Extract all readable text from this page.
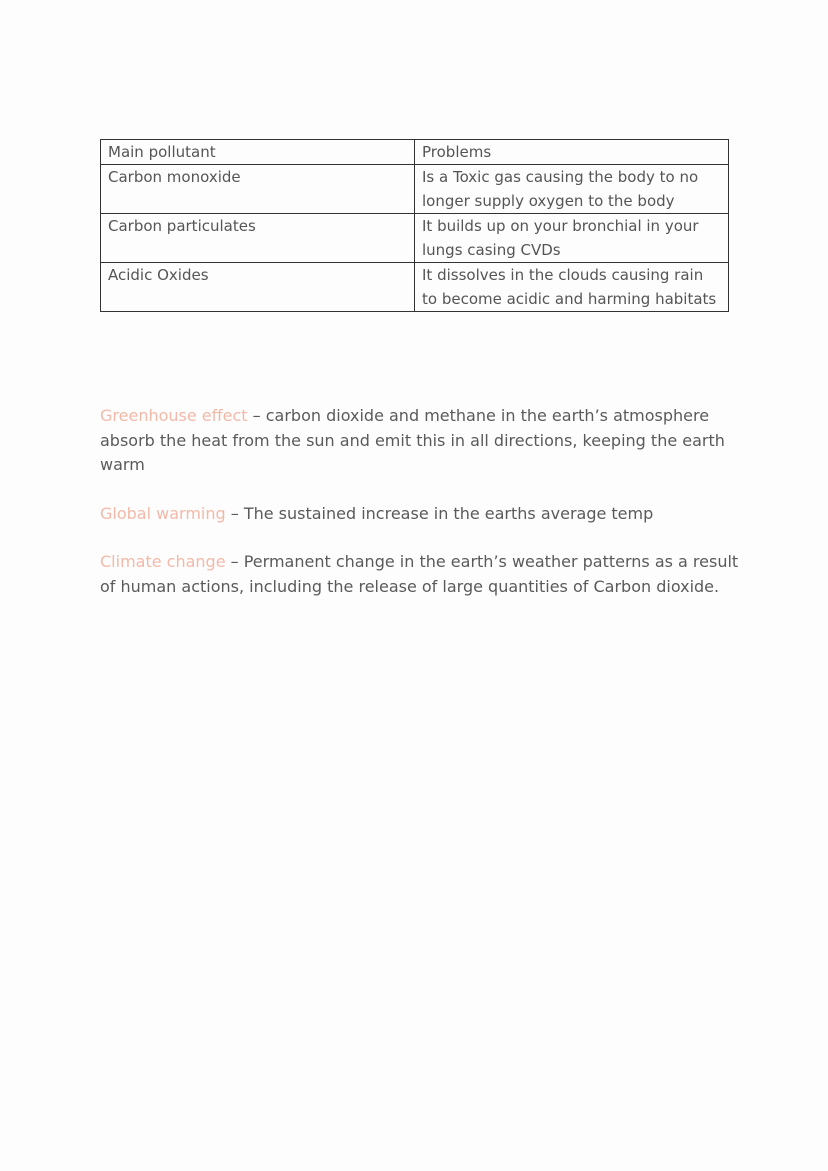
Main pollutant	Problems
Carbon monoxide	Is a Toxic gas causing the body to no longer supply oxygen to the body
Carbon particulates	It builds up on your bronchial in your lungs casing CVDs
Acidic Oxides	It dissolves in the clouds causing rain to become acidic and harming habitats

Greenhouse effect – carbon dioxide and methane in the earth’s atmosphere absorb the heat from the sun and emit this in all directions, keeping the earth warm

Global warming – The sustained increase in the earths average temp

Climate change – Permanent change in the earth’s weather patterns as a result of human actions, including the release of large quantities of Carbon dioxide.
